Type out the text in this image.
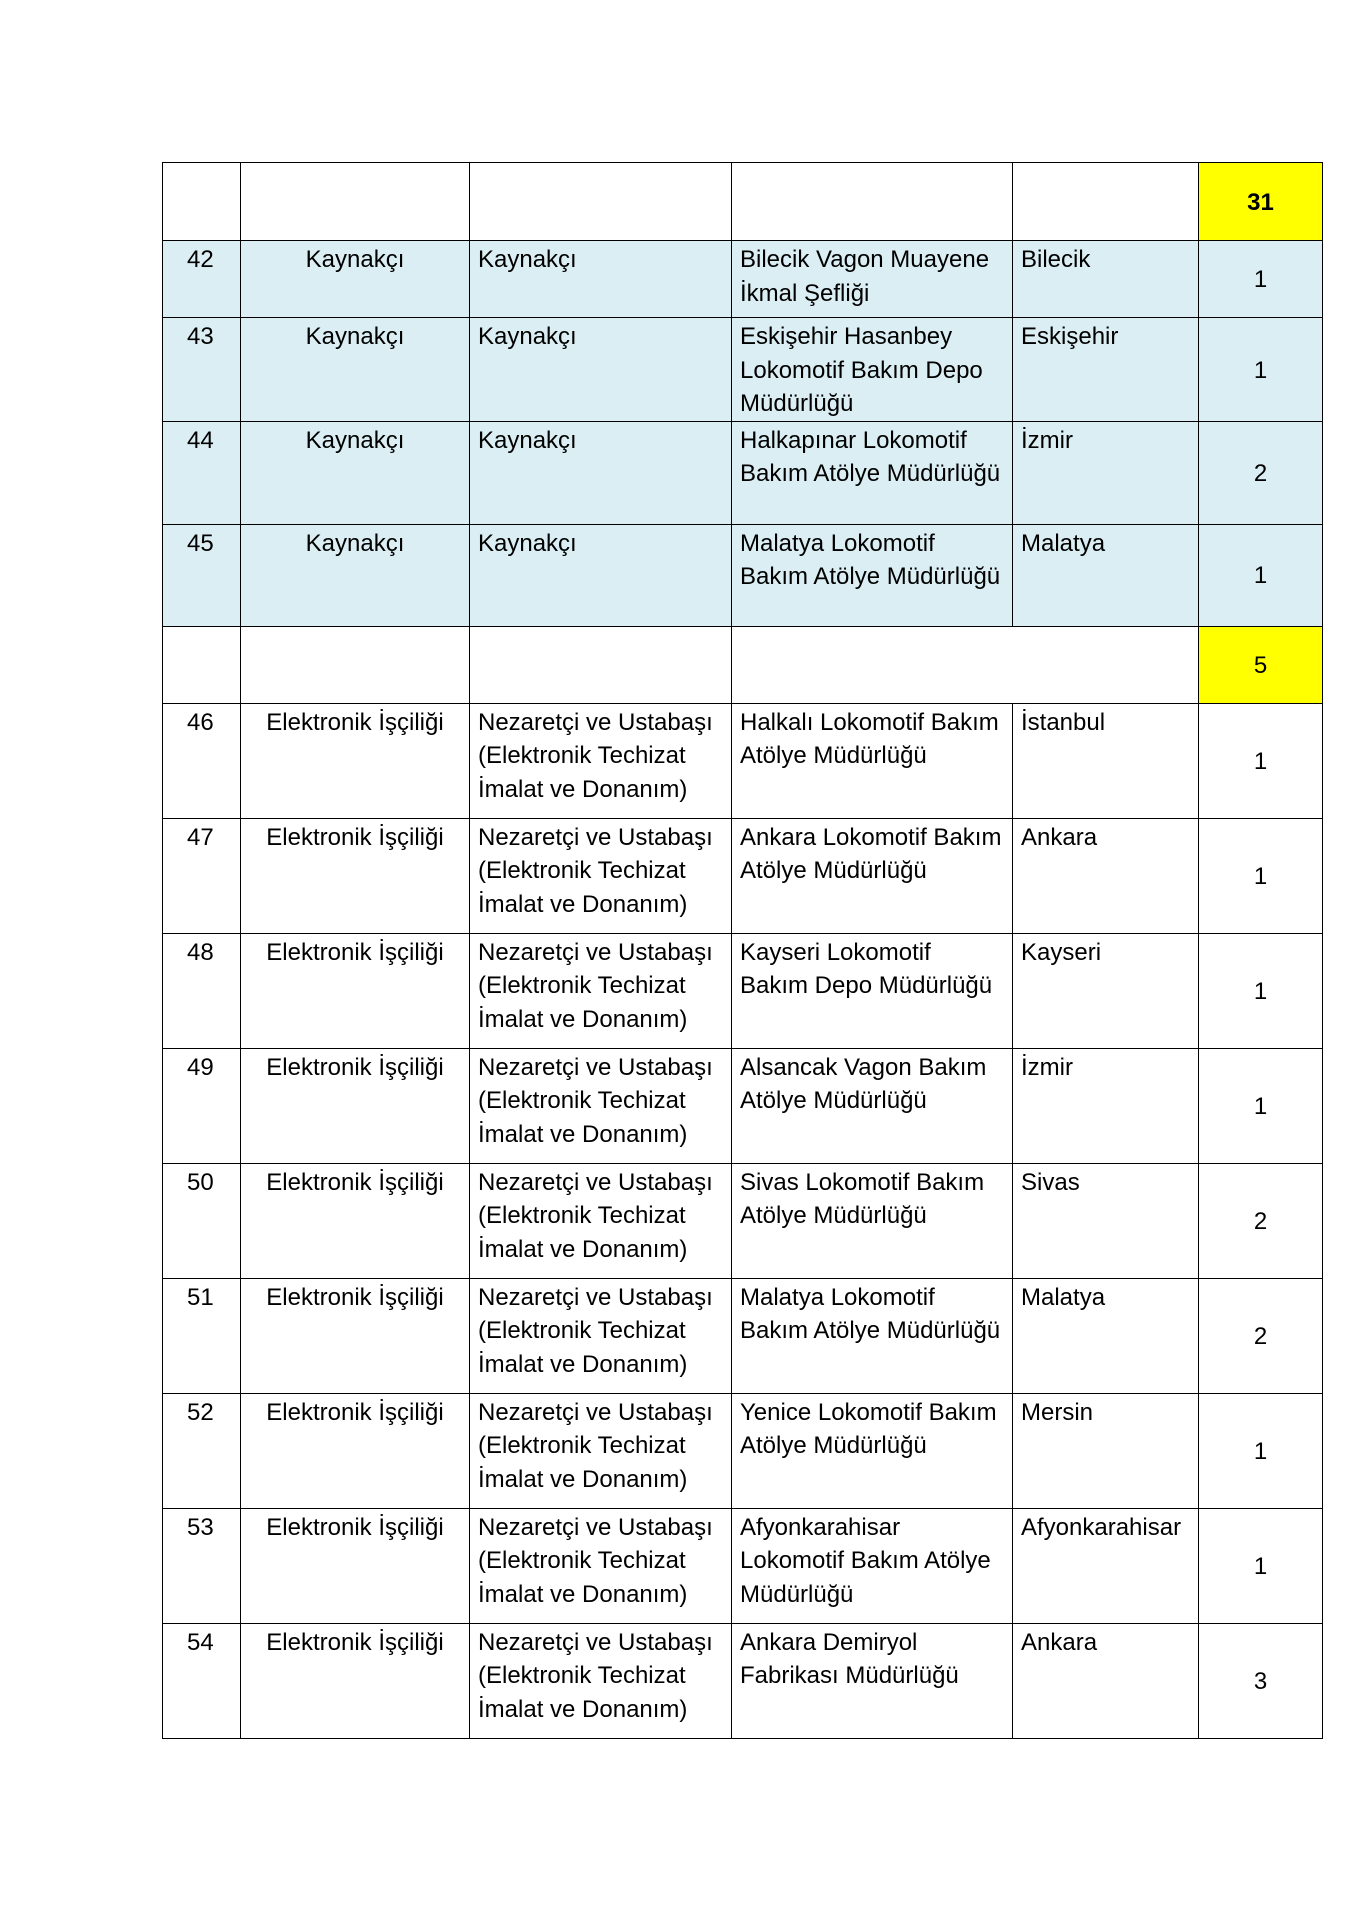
					31
42	Kaynakçı	Kaynakçı	Bilecik Vagon Muayene İkmal Şefliği	Bilecik	1
43	Kaynakçı	Kaynakçı	Eskişehir Hasanbey Lokomotif Bakım Depo Müdürlüğü	Eskişehir	1
44	Kaynakçı	Kaynakçı	Halkapınar Lokomotif Bakım Atölye Müdürlüğü	İzmir	2
45	Kaynakçı	Kaynakçı	Malatya Lokomotif Bakım Atölye Müdürlüğü	Malatya	1
					5
46	Elektronik İşçiliği	Nezaretçi ve Ustabaşı (Elektronik Techizat İmalat ve Donanım)	Halkalı Lokomotif Bakım Atölye Müdürlüğü	İstanbul	1
47	Elektronik İşçiliği	Nezaretçi ve Ustabaşı (Elektronik Techizat İmalat ve Donanım)	Ankara Lokomotif Bakım Atölye Müdürlüğü	Ankara	1
48	Elektronik İşçiliği	Nezaretçi ve Ustabaşı (Elektronik Techizat İmalat ve Donanım)	Kayseri Lokomotif Bakım Depo Müdürlüğü	Kayseri	1
49	Elektronik İşçiliği	Nezaretçi ve Ustabaşı (Elektronik Techizat İmalat ve Donanım)	Alsancak Vagon Bakım Atölye Müdürlüğü	İzmir	1
50	Elektronik İşçiliği	Nezaretçi ve Ustabaşı (Elektronik Techizat İmalat ve Donanım)	Sivas Lokomotif Bakım Atölye Müdürlüğü	Sivas	2
51	Elektronik İşçiliği	Nezaretçi ve Ustabaşı (Elektronik Techizat İmalat ve Donanım)	Malatya Lokomotif Bakım Atölye Müdürlüğü	Malatya	2
52	Elektronik İşçiliği	Nezaretçi ve Ustabaşı (Elektronik Techizat İmalat ve Donanım)	Yenice Lokomotif Bakım Atölye Müdürlüğü	Mersin	1
53	Elektronik İşçiliği	Nezaretçi ve Ustabaşı (Elektronik Techizat İmalat ve Donanım)	Afyonkarahisar Lokomotif Bakım Atölye Müdürlüğü	Afyonkarahisar	1
54	Elektronik İşçiliği	Nezaretçi ve Ustabaşı (Elektronik Techizat İmalat ve Donanım)	Ankara Demiryol Fabrikası Müdürlüğü	Ankara	3
